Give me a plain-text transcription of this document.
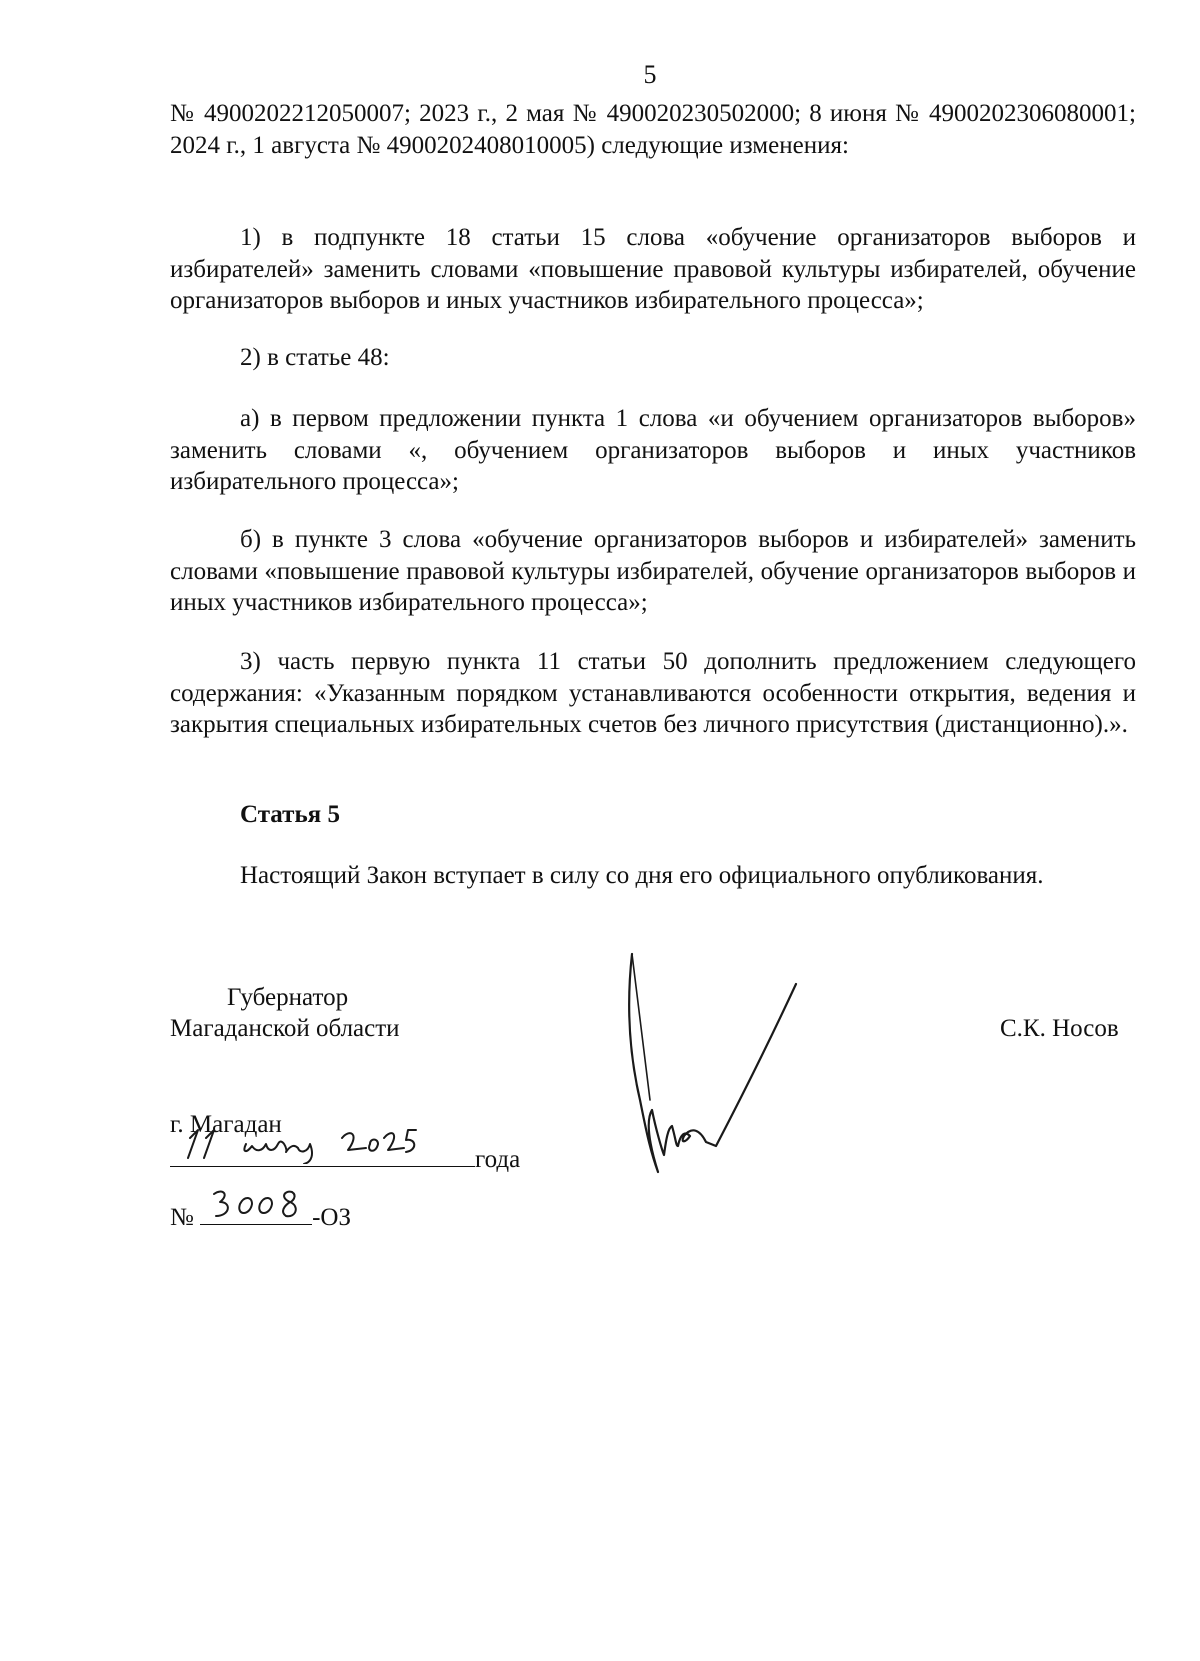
5
№ 4900202212050007; 2023 г., 2 мая № 490020230502000; 8 июня № 4900202306080001; 2024 г., 1 августа № 4900202408010005) следующие изменения:
1) в подпункте 18 статьи 15 слова «обучение организаторов выборов и избирателей» заменить словами «повышение правовой культуры избирателей, обучение организаторов выборов и иных участников избирательного процесса»;
2) в статье 48:
а) в первом предложении пункта 1 слова «и обучением организаторов выборов» заменить словами «, обучением организаторов выборов и иных участников избирательного процесса»;
б) в пункте 3 слова «обучение организаторов выборов и избирателей» заменить словами «повышение правовой культуры избирателей, обучение организаторов выборов и иных участников избирательного процесса»;
3) часть первую пункта 11 статьи 50 дополнить предложением следующего содержания: «Указанным порядком устанавливаются особенности открытия, ведения и закрытия специальных избирательных счетов без личного присутствия (дистанционно).».
Статья 5
Настоящий Закон вступает в силу со дня его официального опубликования.
Губернатор
Магаданской области	С.К. Носов
г. Магадан
года
№	-ОЗ
